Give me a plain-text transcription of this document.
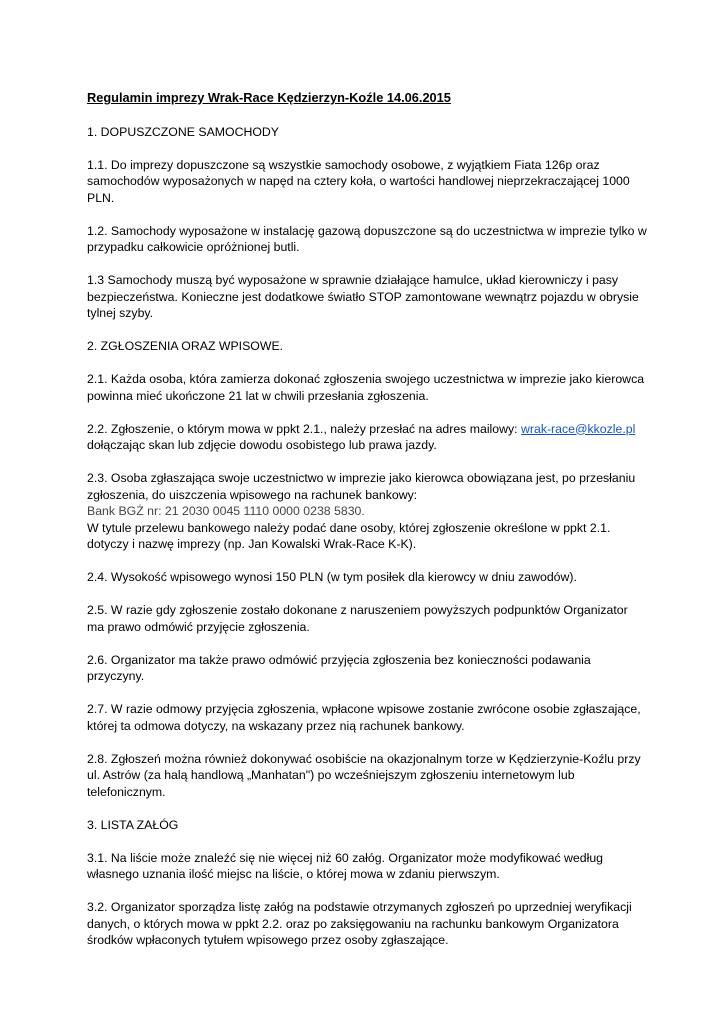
Regulamin imprezy Wrak-Race Kędzierzyn-Koźle 14.06.2015

1. DOPUSZCZONE SAMOCHODY

1.1. Do imprezy dopuszczone są wszystkie samochody osobowe, z wyjątkiem Fiata 126p oraz samochodów wyposażonych w napęd na cztery koła, o wartości handlowej nieprzekraczającej 1000 PLN.

1.2. Samochody wyposażone w instalację gazową dopuszczone są do uczestnictwa w imprezie tylko w przypadku całkowicie opróżnionej butli.

1.3 Samochody muszą być wyposażone w sprawnie działające hamulce, układ kierowniczy i pasy bezpieczeństwa. Konieczne jest dodatkowe światło STOP zamontowane wewnątrz pojazdu w obrysie tylnej szyby.

2. ZGŁOSZENIA ORAZ WPISOWE.

2.1. Każda osoba, która zamierza dokonać zgłoszenia swojego uczestnictwa w imprezie jako kierowca powinna mieć ukończone 21 lat w chwili przesłania zgłoszenia.

2.2. Zgłoszenie, o którym mowa w ppkt 2.1., należy przesłać na adres mailowy: wrak-race@kkozle.pl dołączając skan lub zdjęcie dowodu osobistego lub prawa jazdy.

2.3. Osoba zgłaszająca swoje uczestnictwo w imprezie jako kierowca obowiązana jest, po przesłaniu zgłoszenia, do uiszczenia wpisowego na rachunek bankowy:
Bank BGŻ nr: 21 2030 0045 1110 0000 0238 5830.
W tytule przelewu bankowego należy podać dane osoby, której zgłoszenie określone w ppkt 2.1. dotyczy i nazwę imprezy (np. Jan Kowalski Wrak-Race K-K).

2.4. Wysokość wpisowego wynosi 150 PLN (w tym posiłek dla kierowcy w dniu zawodów).

2.5. W razie gdy zgłoszenie zostało dokonane z naruszeniem powyższych podpunktów Organizator ma prawo odmówić przyjęcie zgłoszenia.

2.6. Organizator ma także prawo odmówić przyjęcia zgłoszenia bez konieczności podawania przyczyny.

2.7. W razie odmowy przyjęcia zgłoszenia, wpłacone wpisowe zostanie zwrócone osobie zgłaszające, której ta odmowa dotyczy, na wskazany przez nią rachunek bankowy.

2.8. Zgłoszeń można również dokonywać osobiście na okazjonalnym torze w Kędzierzynie-Koźlu przy ul. Astrów (za halą handlową „Manhatan") po wcześniejszym zgłoszeniu internetowym lub telefonicznym.

3. LISTA ZAŁÓG

3.1. Na liście może znaleźć się nie więcej niż 60 załóg. Organizator może modyfikować według własnego uznania ilość miejsc na liście, o której mowa w zdaniu pierwszym.

3.2. Organizator sporządza listę załóg na podstawie otrzymanych zgłoszeń po uprzedniej weryfikacji danych, o których mowa w ppkt 2.2. oraz po zaksięgowaniu na rachunku bankowym Organizatora środków wpłaconych tytułem wpisowego przez osoby zgłaszające.
